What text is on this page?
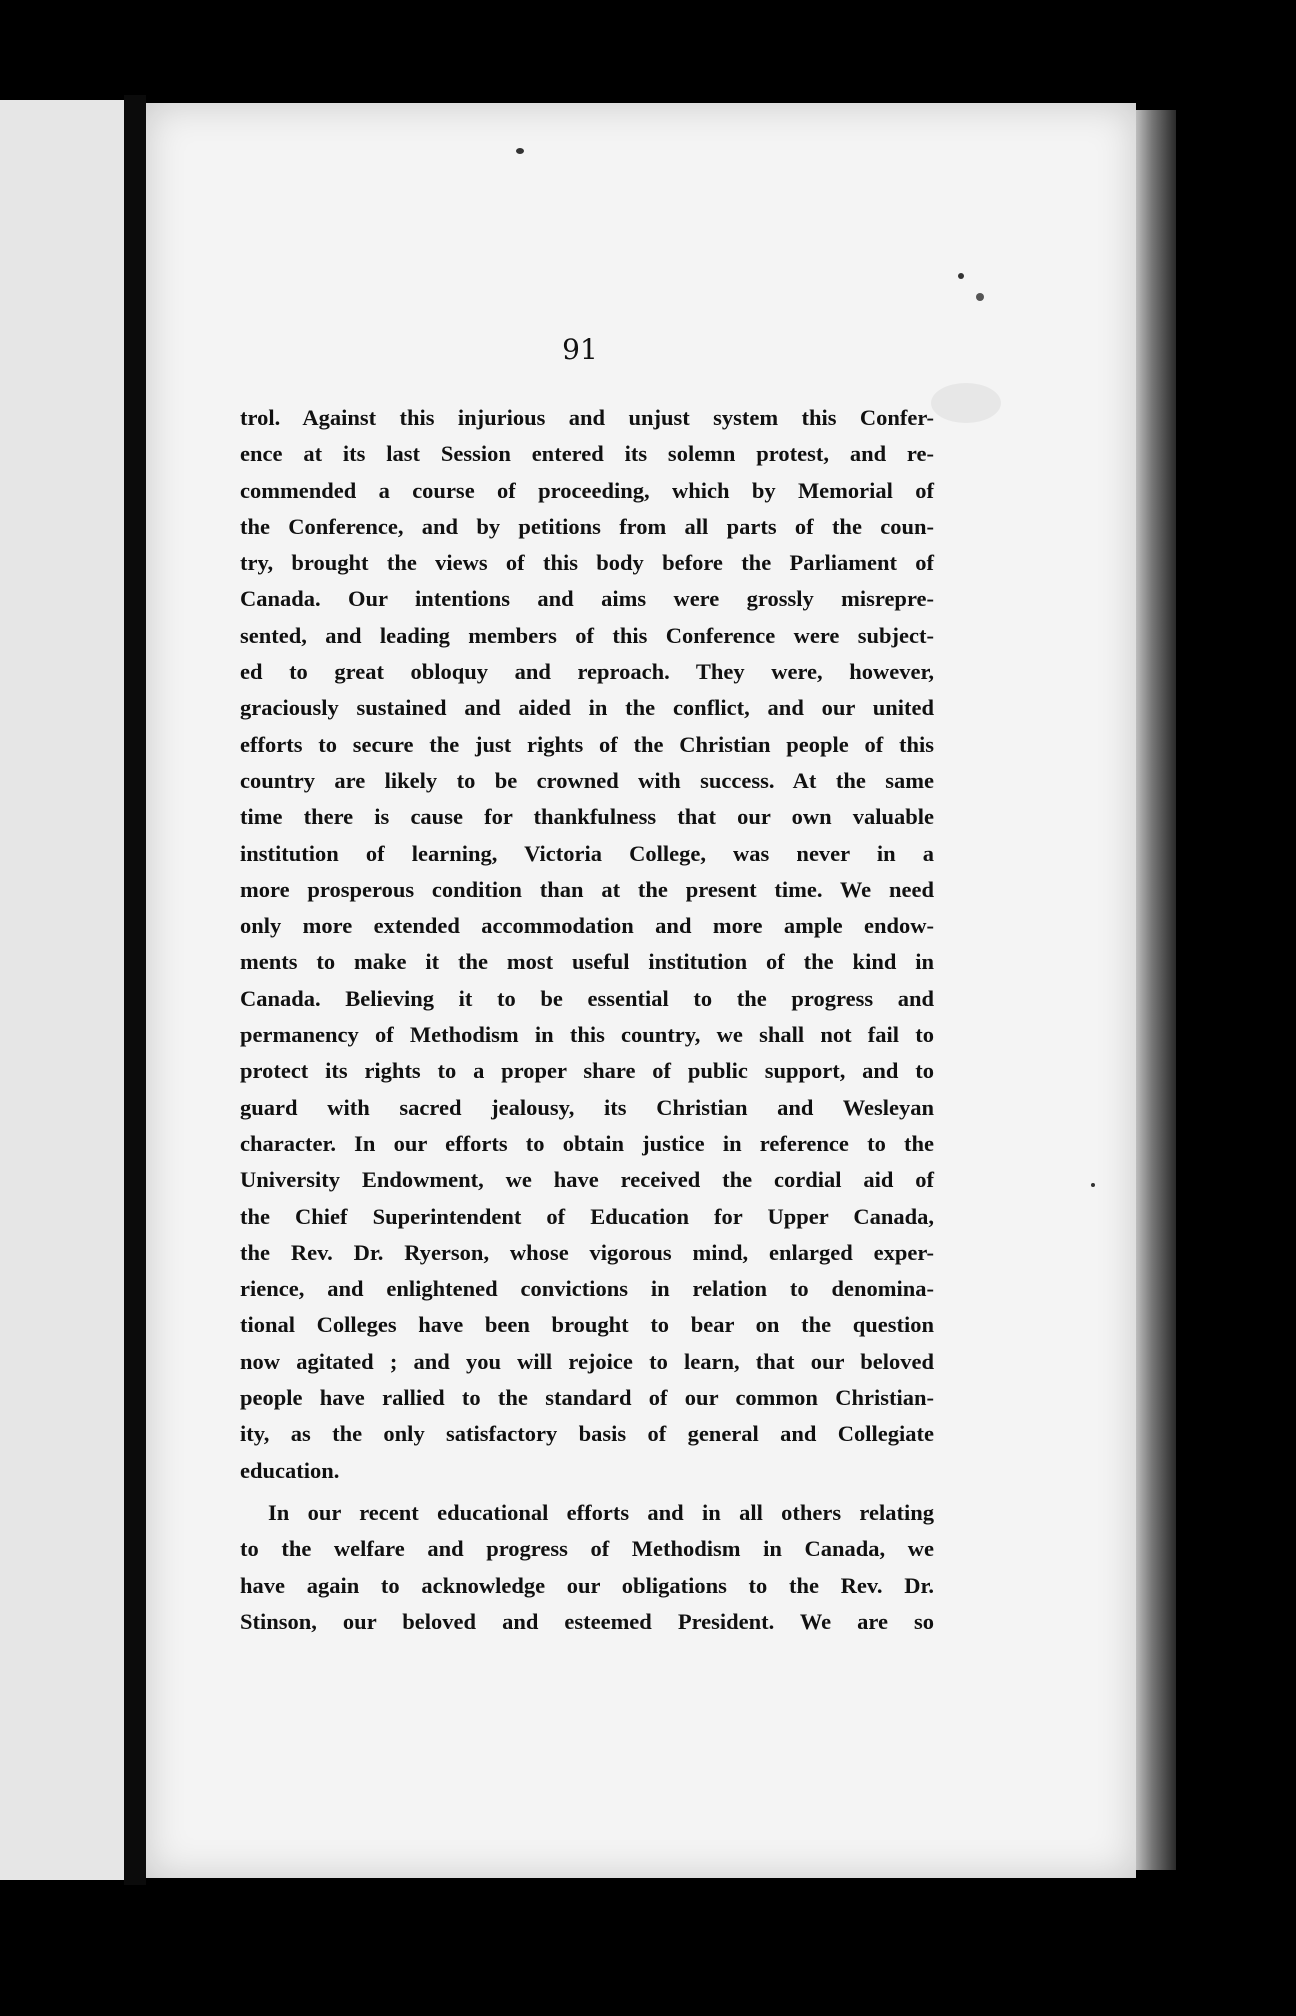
91
trol. Against this injurious and unjust system this Confer-
ence at its last Session entered its solemn protest, and re-
commended a course of proceeding, which by Memorial of
the Conference, and by petitions from all parts of the coun-
try, brought the views of this body before the Parliament of
Canada. Our intentions and aims were grossly misrepre-
sented, and leading members of this Conference were subject-
ed to great obloquy and reproach. They were, however,
graciously sustained and aided in the conflict, and our united
efforts to secure the just rights of the Christian people of this
country are likely to be crowned with success. At the same
time there is cause for thankfulness that our own valuable
institution of learning, Victoria College, was never in a
more prosperous condition than at the present time. We need
only more extended accommodation and more ample endow-
ments to make it the most useful institution of the kind in
Canada. Believing it to be essential to the progress and
permanency of Methodism in this country, we shall not fail to
protect its rights to a proper share of public support, and to
guard with sacred jealousy, its Christian and Wesleyan
character. In our efforts to obtain justice in reference to the
University Endowment, we have received the cordial aid of
the Chief Superintendent of Education for Upper Canada,
the Rev. Dr. Ryerson, whose vigorous mind, enlarged exper-
rience, and enlightened convictions in relation to denomina-
tional Colleges have been brought to bear on the question
now agitated ; and you will rejoice to learn, that our beloved
people have rallied to the standard of our common Christian-
ity, as the only satisfactory basis of general and Collegiate
education.
In our recent educational efforts and in all others relating
to the welfare and progress of Methodism in Canada, we
have again to acknowledge our obligations to the Rev. Dr.
Stinson, our beloved and esteemed President. We are so
